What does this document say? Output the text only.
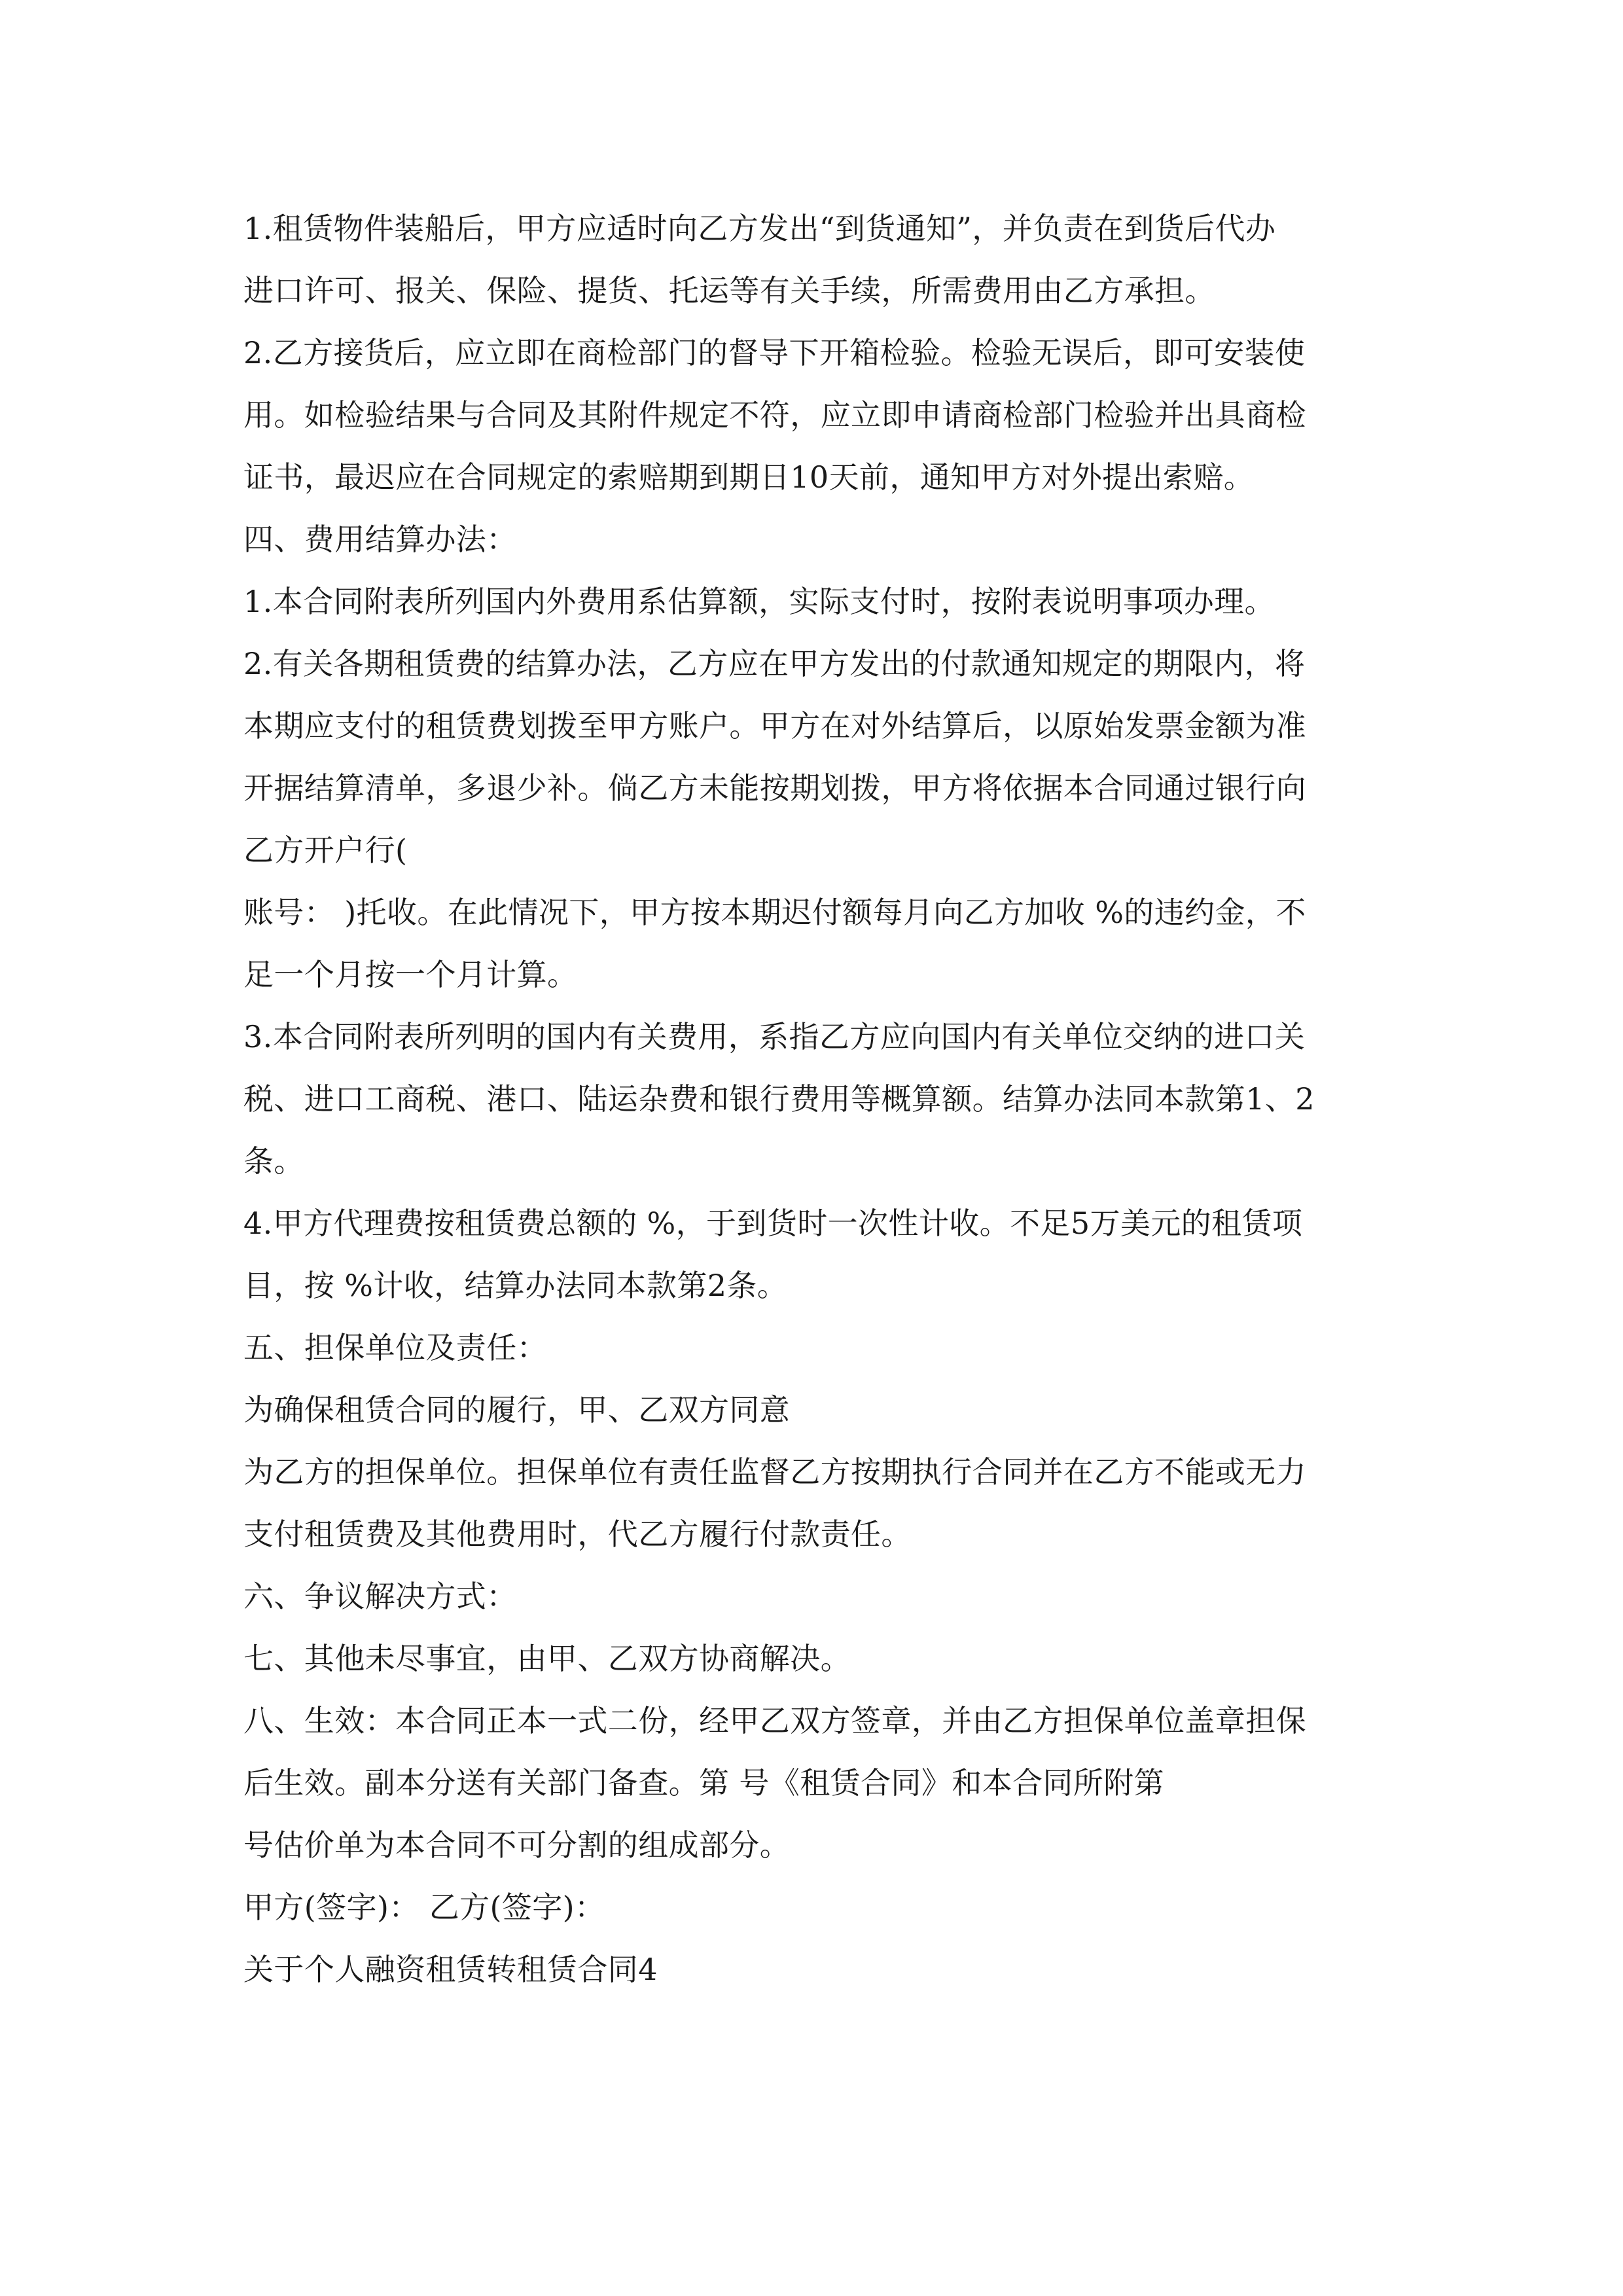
1.租赁物件装船后，甲方应适时向乙方发出“到货通知”，并负责在到货后代办
进口许可、报关、保险、提货、托运等有关手续，所需费用由乙方承担。
2.乙方接货后，应立即在商检部门的督导下开箱检验。检验无误后，即可安装使
用。如检验结果与合同及其附件规定不符，应立即申请商检部门检验并出具商检
证书，最迟应在合同规定的索赔期到期日10天前，通知甲方对外提出索赔。
四、费用结算办法：
1.本合同附表所列国内外费用系估算额，实际支付时，按附表说明事项办理。
2.有关各期租赁费的结算办法，乙方应在甲方发出的付款通知规定的期限内，将
本期应支付的租赁费划拨至甲方账户。甲方在对外结算后，以原始发票金额为准
开据结算清单，多退少补。倘乙方未能按期划拨，甲方将依据本合同通过银行向
乙方开户行(
账号： )托收。在此情况下，甲方按本期迟付额每月向乙方加收 %的违约金，不
足一个月按一个月计算。
3.本合同附表所列明的国内有关费用，系指乙方应向国内有关单位交纳的进口关
税、进口工商税、港口、陆运杂费和银行费用等概算额。结算办法同本款第1、2
条。
4.甲方代理费按租赁费总额的 %，于到货时一次性计收。不足5万美元的租赁项
目，按 %计收，结算办法同本款第2条。
五、担保单位及责任：
为确保租赁合同的履行，甲、乙双方同意
为乙方的担保单位。担保单位有责任监督乙方按期执行合同并在乙方不能或无力
支付租赁费及其他费用时，代乙方履行付款责任。
六、争议解决方式：
七、其他未尽事宜，由甲、乙双方协商解决。
八、生效：本合同正本一式二份，经甲乙双方签章，并由乙方担保单位盖章担保
后生效。副本分送有关部门备查。第 号《租赁合同》和本合同所附第
号估价单为本合同不可分割的组成部分。
甲方(签字)： 乙方(签字)：
关于个人融资租赁转租赁合同4
